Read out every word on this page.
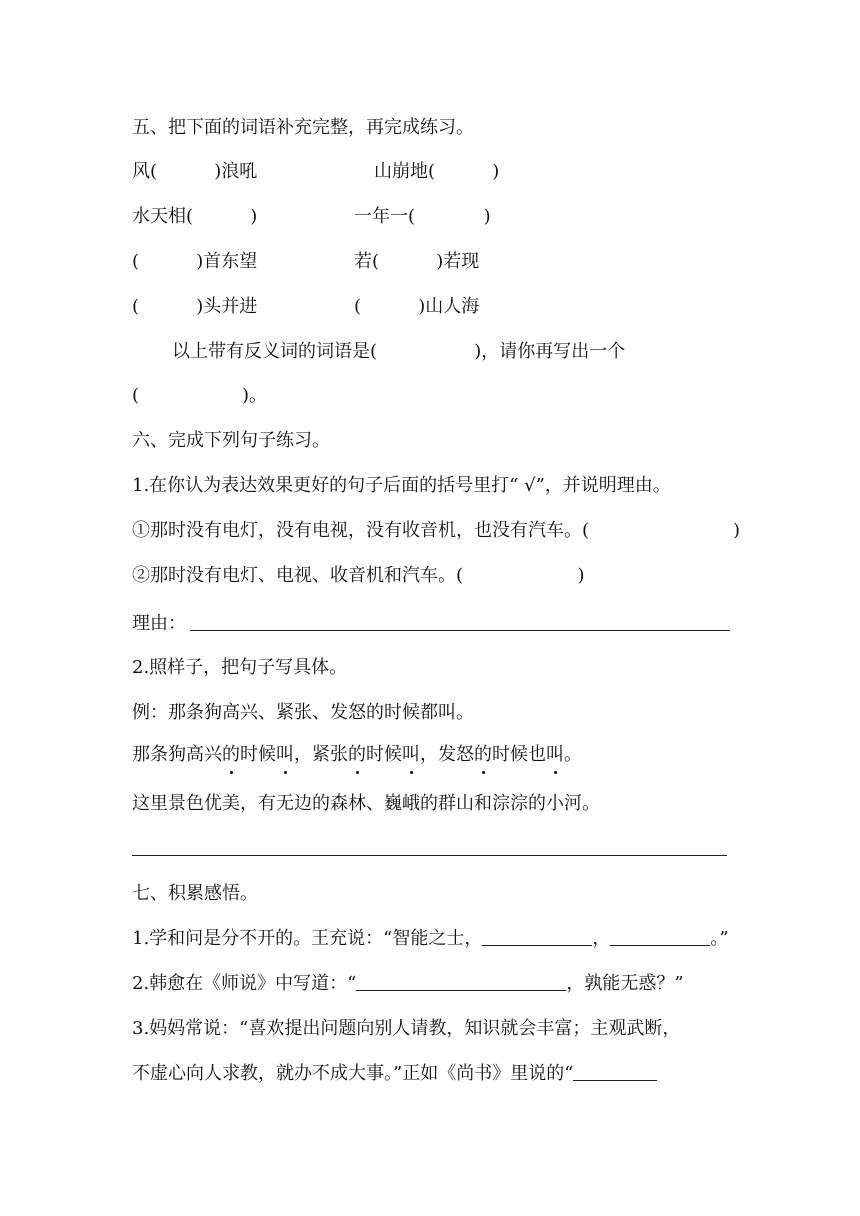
五、把下面的词语补充完整，再完成练习。
风(          )浪吼	山崩地(          )
水天相(          )	一年一(            )
(          )首东望	若(          )若现
(          )头并进	(          )山人海
以上带有反义词的词语是(                 )，请你再写出一个
(                  )。
六、完成下列句子练习。
1.在你认为表达效果更好的句子后面的括号里打“ √”，并说明理由。
①那时没有电灯，没有电视，没有收音机，也没有汽车。(	)
②那时没有电灯、电视、收音机和汽车。(                    )
理由：
2.照样子，把句子写具体。
例：那条狗高兴、紧张、发怒的时候都叫。
那条狗高兴的时候叫，紧张的时候叫，发怒的时候也叫。
这里景色优美，有无边的森林、巍峨的群山和淙淙的小河。
七、积累感悟。
1.学和问是分不开的。王充说：“智能之士，	，	。”
2.韩愈在《师说》中写道：“	，孰能无惑？”
3.妈妈常说：“喜欢提出问题向别人请教，知识就会丰富；主观武断，
不虚心向人求教，就办不成大事。”正如《尚书》里说的“
